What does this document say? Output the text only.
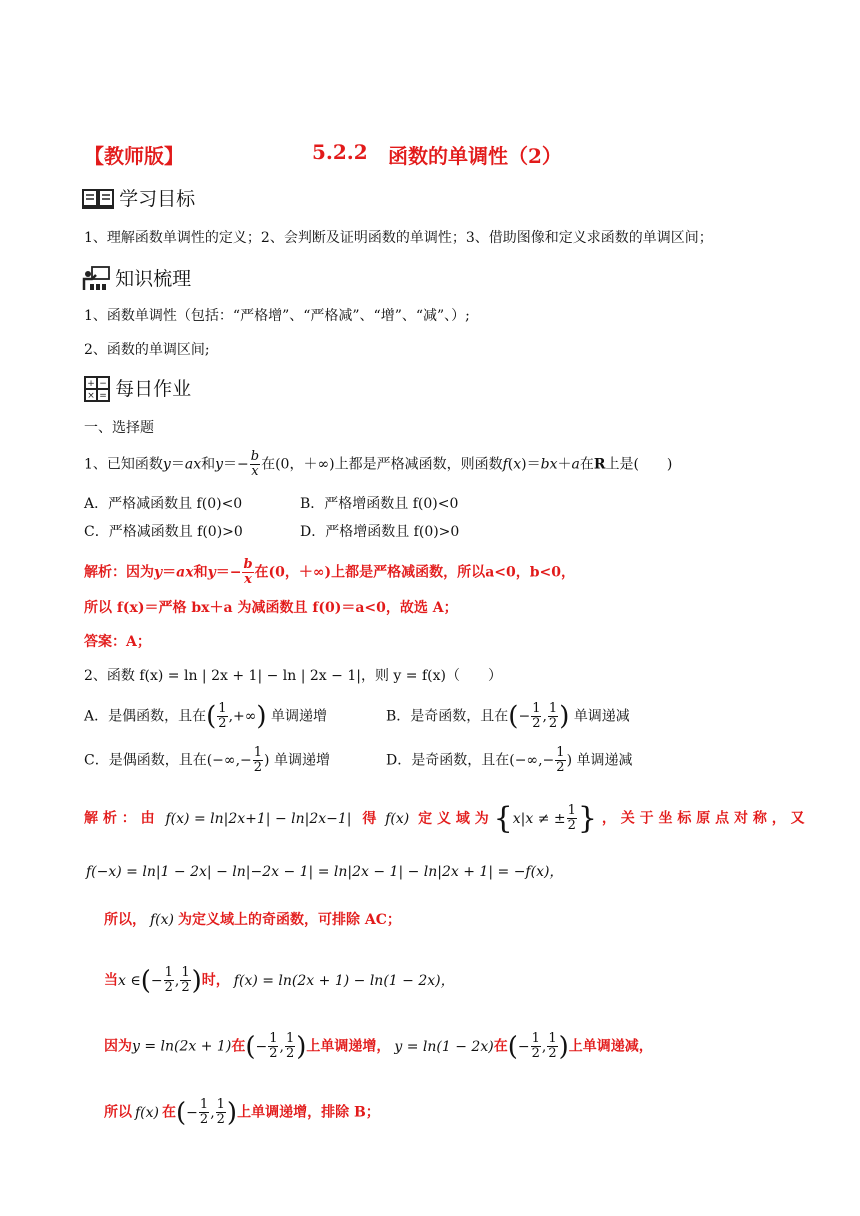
【教师版】	5.2.2 函数的单调性（2）
学习目标
1、理解函数单调性的定义；2、会判断及证明函数的单调性；3、借助图像和定义求函数的单调区间；
知识梳理
1、函数单调性（包括：“严格增”、“严格减”、“增”、“减”、）;
2、函数的单调区间;
+ −
× = 每日作业
一、选择题
1、已知函数y＝ax和$y=- \frac{b}{x}$ 在(0，＋∞)上都是严格减函数，则函数f(x)＝bx＋a在R上是(　　)
A．严格减函数且 f(0)<0	B．严格增函数且 f(0)<0
C．严格减函数且 f(0)>0	D．严格增函数且 f(0)>0
解析：因为y＝ax和$y=- \frac{b}{x}$ 在(0，＋∞)上都是严格减函数，所以a<0，b<0，
所以 f(x)＝严格 bx＋a 为减函数且 f(0)＝a<0，故选 A；
答案：A；
2、函数 f(x) = ln | 2x + 1| − ln | 2x − 1|，则 y = f(x)（　　）
A．是偶函数，且在( $\frac{1}{2}$ ,+∞) 单调递增	B．是奇函数，且在(− $\frac{1}{2}$ , $\frac{1}{2}$ ) 单调递减
C．是偶函数，且在(−∞,− $\frac{1}{2}$ ) 单调递增	D．是奇函数，且在(−∞,− $\frac{1}{2}$ ) 单调递减
解 析 ： 由 f(x) = ln|2x+1| − ln|2x−1| 得 f(x) 定 义 域 为 {x|x ≠ ± $\frac{1}{2}$ } ， 关 于 坐 标 原 点 对 称 ， 又
f(−x) = ln|1 − 2x| − ln|−2x − 1| = ln|2x − 1| − ln|2x + 1| = −f(x)，
所以， f(x) 为定义域上的奇函数，可排除 AC；
当x ∈(− $\frac{1}{2}$ , $\frac{1}{2}$ )时， f(x) = ln(2x + 1) − ln(1 − 2x)，
因为y = ln(2x + 1)在(− $\frac{1}{2}$ , $\frac{1}{2}$ )上单调递增， y = ln(1 − 2x)在(− $\frac{1}{2}$ , $\frac{1}{2}$ )上单调递减，
所以 f(x) 在(− $\frac{1}{2}$ , $\frac{1}{2}$ )上单调递增，排除 B；
